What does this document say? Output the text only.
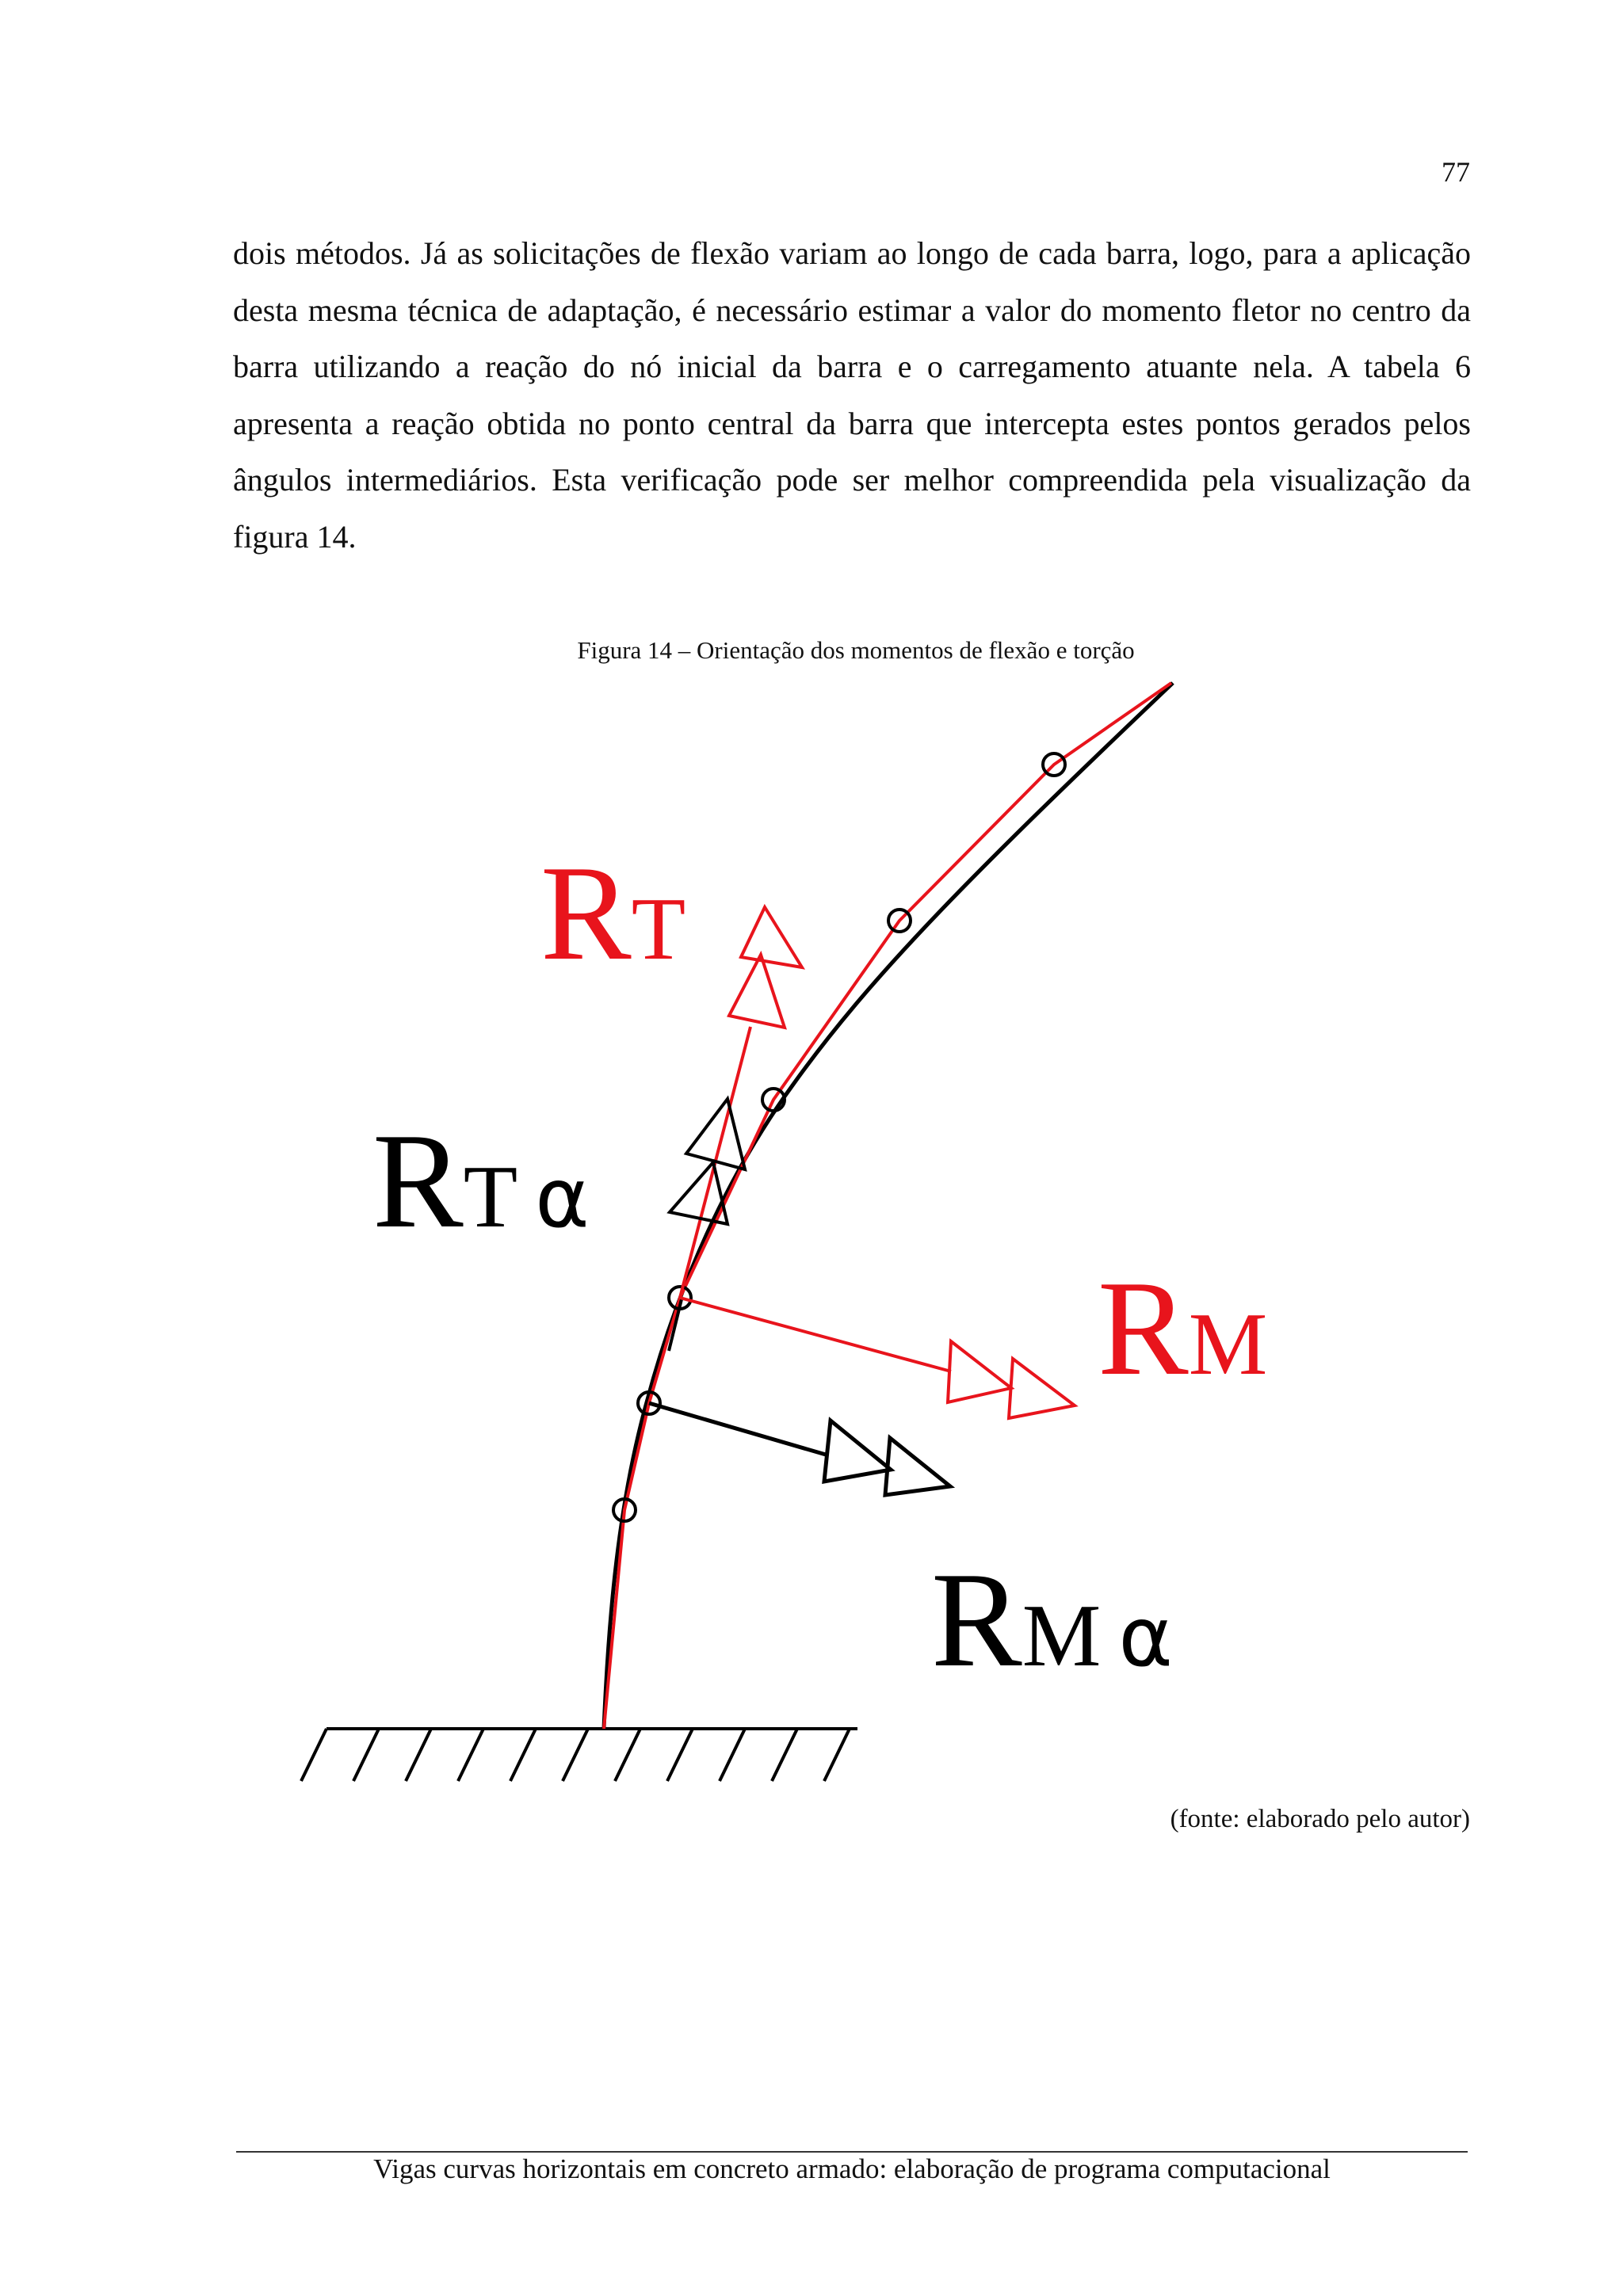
77

dois métodos. Já as solicitações de flexão variam ao longo de cada barra, logo, para a aplicação desta mesma técnica de adaptação, é necessário estimar a valor do momento fletor no centro da barra utilizando a reação do nó inicial da barra e o carregamento atuante nela. A tabela 6 apresenta a reação obtida no ponto central da barra que intercepta estes pontos gerados pelos ângulos intermediários. Esta verificação pode ser melhor compreendida pela visualização da figura 14.

Figura 14 – Orientação dos momentos de flexão e torção
RT
RT α
RM
RM α
(fonte: elaborado pelo autor)
Vigas curvas horizontais em concreto armado: elaboração de programa computacional
